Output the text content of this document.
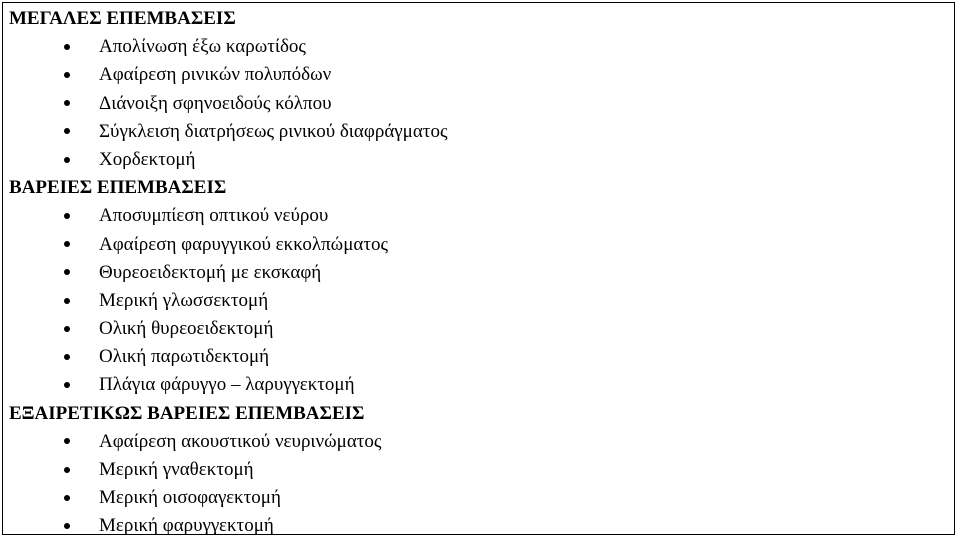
ΜΕΓΑΛΕΣ ΕΠΕΜΒΑΣΕΙΣ
Απολίνωση έξω καρωτίδος
Αφαίρεση ρινικών πολυπόδων
Διάνοιξη σφηνοειδούς κόλπου
Σύγκλειση διατρήσεως ρινικού διαφράγματος
Χορδεκτομή
ΒΑΡΕΙΕΣ ΕΠΕΜΒΑΣΕΙΣ
Αποσυμπίεση οπτικού νεύρου
Αφαίρεση φαρυγγικού εκκολπώματος
Θυρεοειδεκτομή με εκσκαφή
Μερική γλωσσεκτομή
Ολική θυρεοειδεκτομή
Ολική παρωτιδεκτομή
Πλάγια φάρυγγο – λαρυγγεκτομή
ΕΞΑΙΡΕΤΙΚΩΣ ΒΑΡΕΙΕΣ ΕΠΕΜΒΑΣΕΙΣ
Αφαίρεση ακουστικού νευρινώματος
Μερική γναθεκτομή
Μερική οισοφαγεκτομή
Μερική φαρυγγεκτομή
